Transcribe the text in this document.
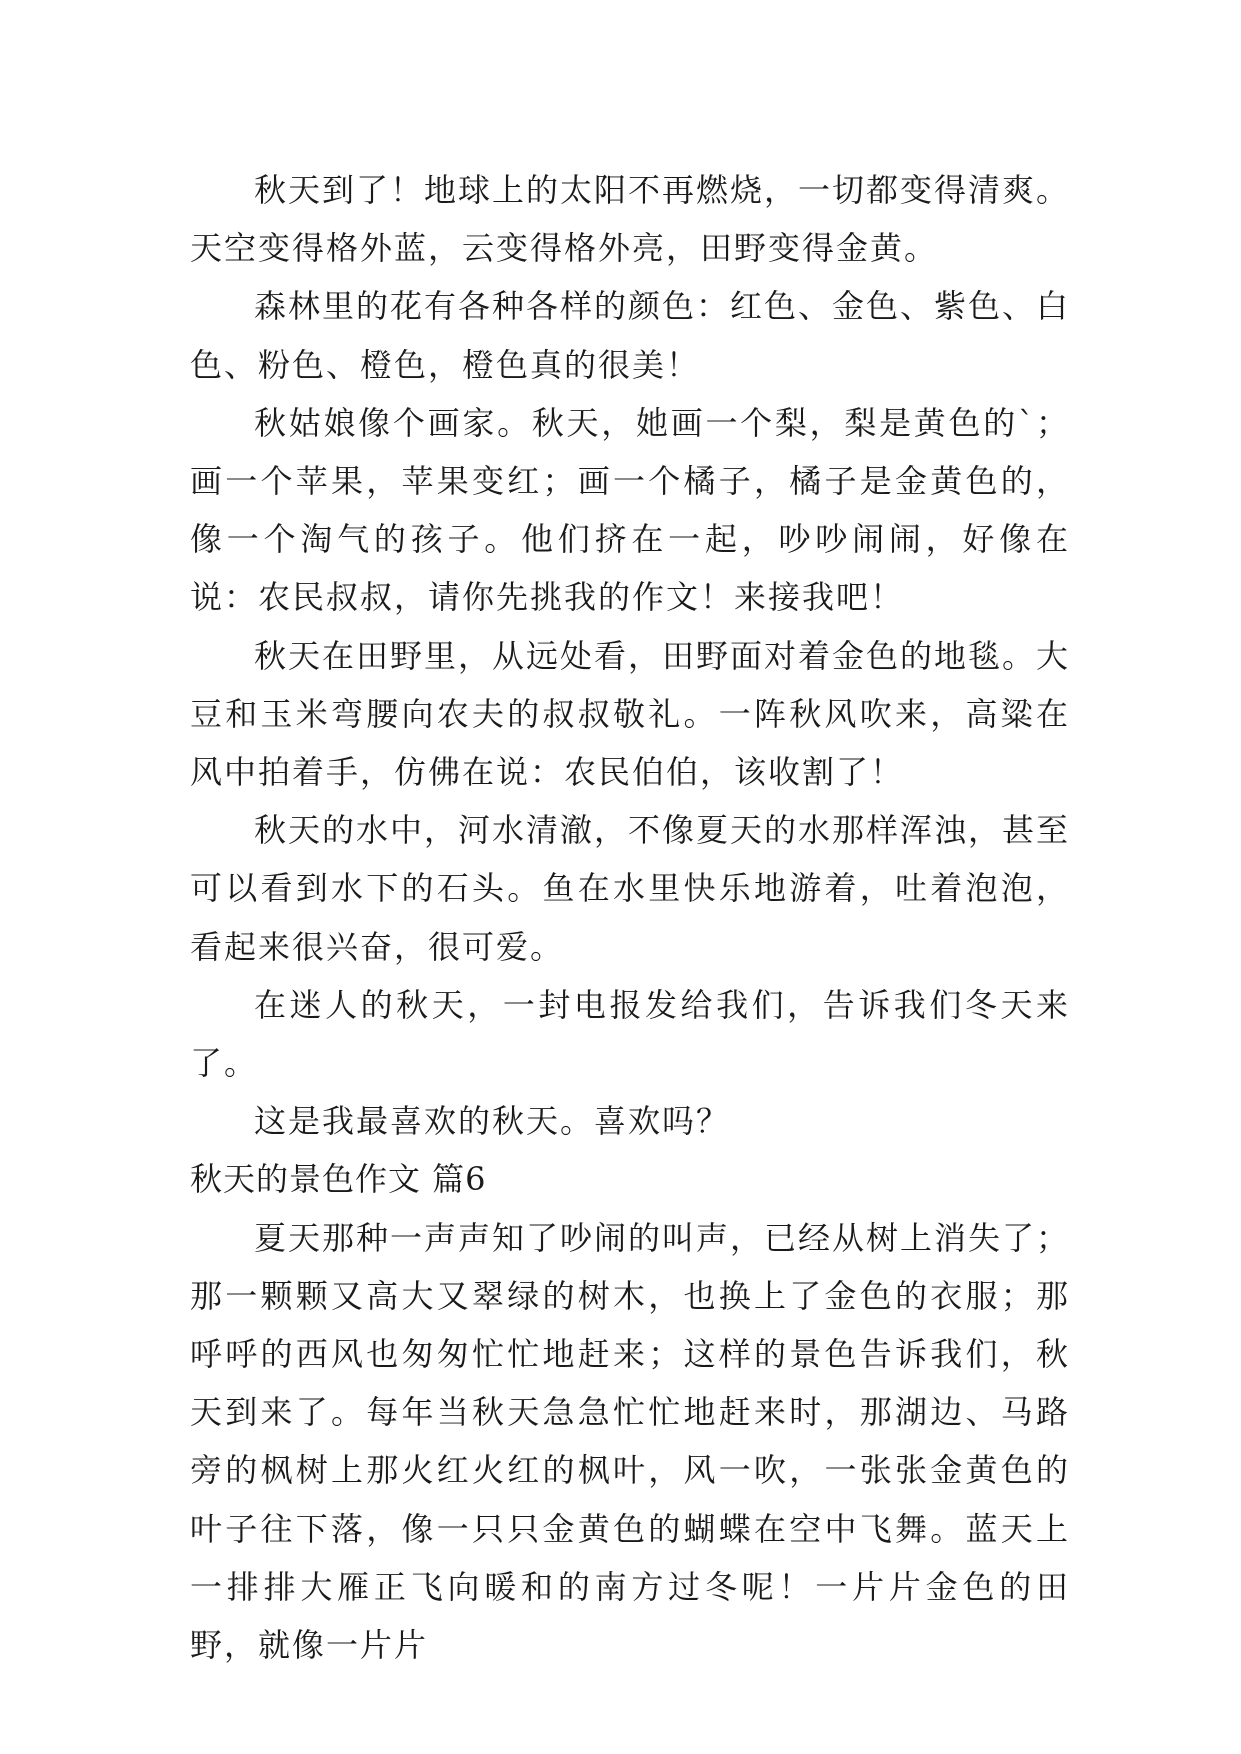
秋天到了！地球上的太阳不再燃烧，一切都变得清爽。天空变得格外蓝，云变得格外亮，田野变得金黄。

森林里的花有各种各样的颜色：红色、金色、紫色、白色、粉色、橙色，橙色真的很美！

秋姑娘像个画家。秋天，她画一个梨，梨是黄色的`；画一个苹果，苹果变红；画一个橘子，橘子是金黄色的，像一个淘气的孩子。他们挤在一起，吵吵闹闹，好像在说：农民叔叔，请你先挑我的作文！来接我吧！

秋天在田野里，从远处看，田野面对着金色的地毯。大豆和玉米弯腰向农夫的叔叔敬礼。一阵秋风吹来，高粱在风中拍着手，仿佛在说：农民伯伯，该收割了！

秋天的水中，河水清澈，不像夏天的水那样浑浊，甚至可以看到水下的石头。鱼在水里快乐地游着，吐着泡泡，看起来很兴奋，很可爱。

在迷人的秋天，一封电报发给我们，告诉我们冬天来了。

这是我最喜欢的秋天。喜欢吗？

秋天的景色作文 篇6

夏天那种一声声知了吵闹的叫声，已经从树上消失了；那一颗颗又高大又翠绿的树木，也换上了金色的衣服；那呼呼的西风也匆匆忙忙地赶来；这样的景色告诉我们，秋天到来了。每年当秋天急急忙忙地赶来时，那湖边、马路旁的枫树上那火红火红的枫叶，风一吹，一张张金黄色的叶子往下落，像一只只金黄色的蝴蝶在空中飞舞。蓝天上一排排大雁正飞向暖和的南方过冬呢！一片片金色的田野，就像一片片
